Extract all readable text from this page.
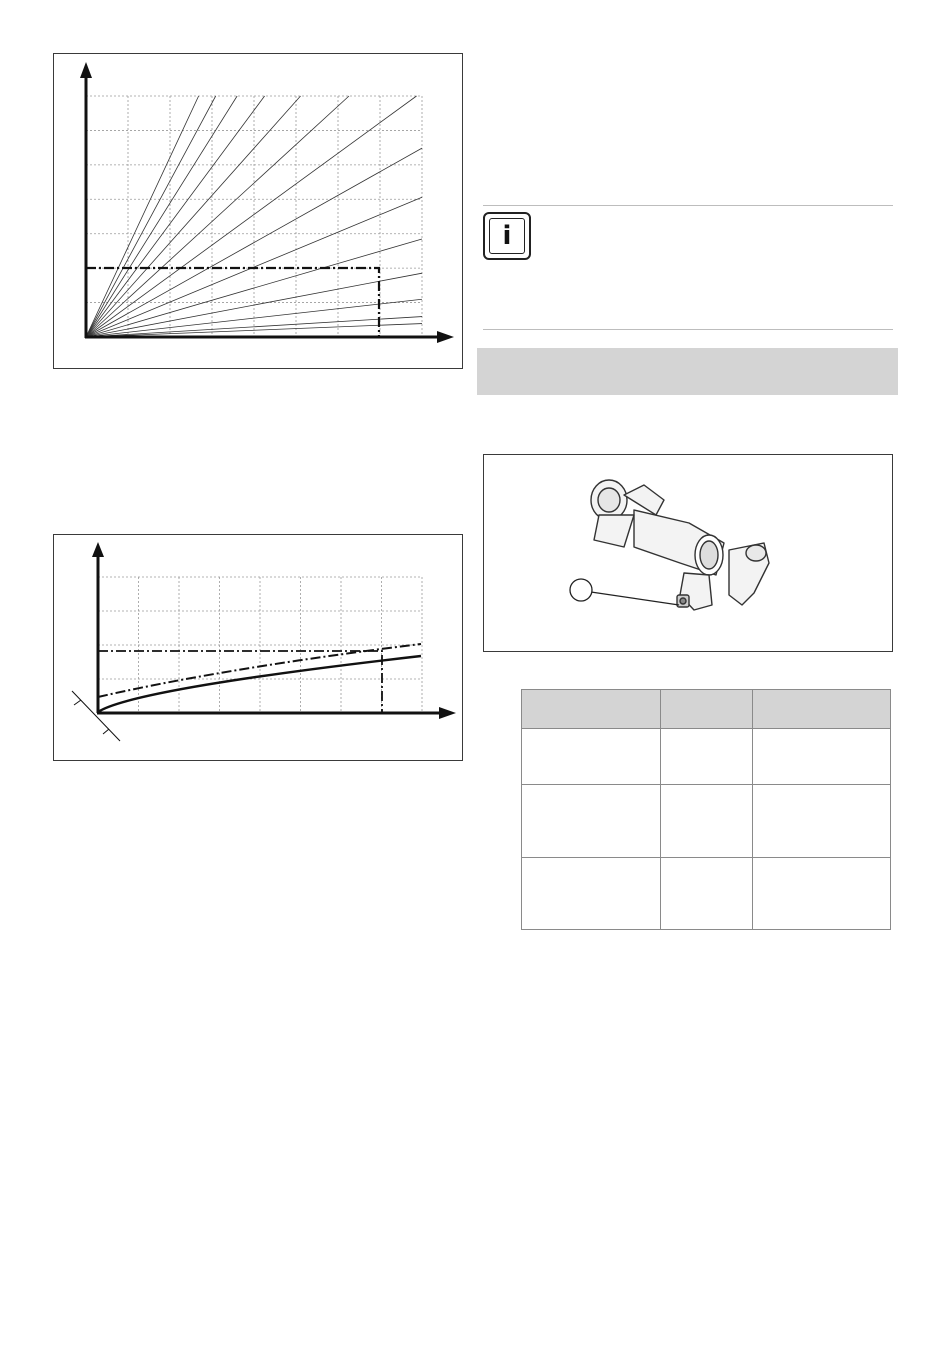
i
1
